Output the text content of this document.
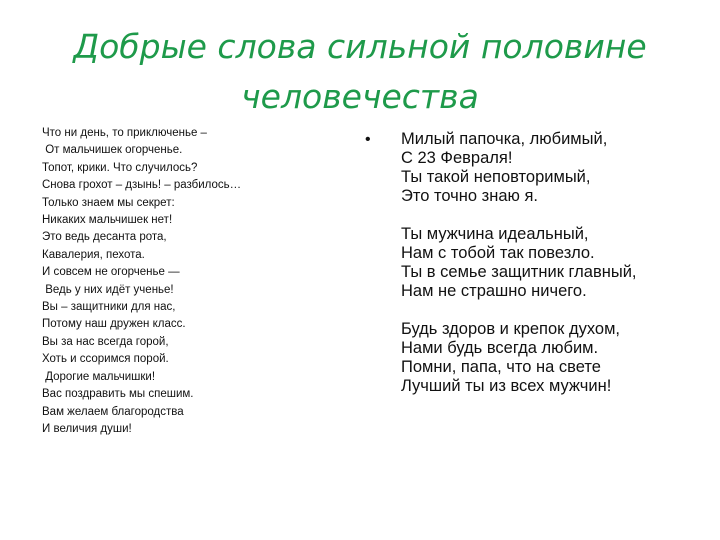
Добрые слова сильной половине
человечества
Что ни день, то приключенье –
От мальчишек огорченье.
Топот, крики. Что случилось?
Снова грохот – дзынь! – разбилось…
Только знаем мы секрет:
Никаких мальчишек нет!
Это ведь десанта рота,
Кавалерия, пехота.
И совсем не огорченье —
Ведь у них идёт ученье!
Вы – защитники для нас,
Потому наш дружен класс.
Вы за нас всегда горой,
Хоть и ссоримся порой.
Дорогие мальчишки!
Вас поздравить мы спешим.
Вам желаем благородства
И величия души!
•	Милый папочка, любимый,
С 23 Февраля!
Ты такой неповторимый,
Это точно знаю я.
Ты мужчина идеальный,
Нам с тобой так повезло.
Ты в семье защитник главный,
Нам не страшно ничего.
Будь здоров и крепок духом,
Нами будь всегда любим.
Помни, папа, что на свете
Лучший ты из всех мужчин!
